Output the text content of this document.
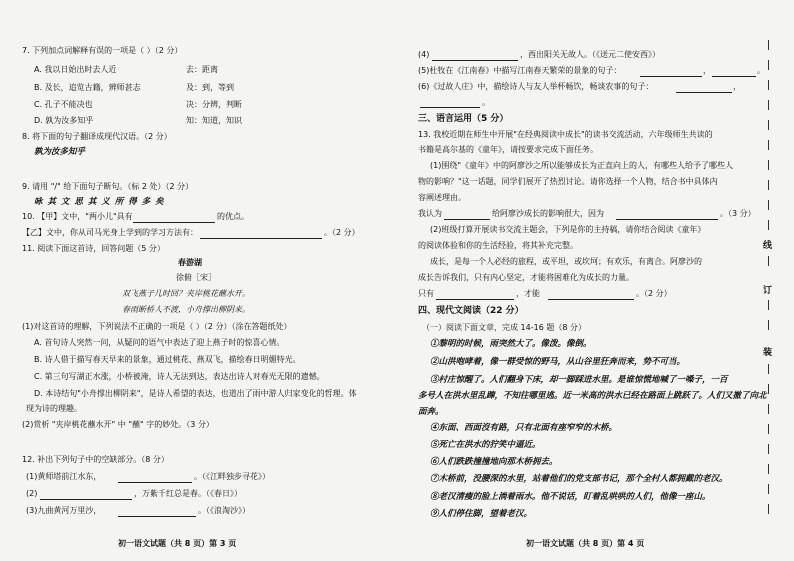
7. 下列加点词解释有误的一项是（ ）（2 分）
A. 我以日始出时去人近	去：距离
B. 及长，追览古籍，辨师甚志	及：到，等到
C. 孔子不能决也	决：分辨，判断
D. 孰为汝多知乎	知：知道，知识
8. 将下面的句子翻译成现代汉语。（2 分）
孰为汝多知乎
9. 请用 "/" 给下面句子断句。（标 2 处）（2 分）
咏 其 文 思 其 义 所 得 多 矣
10. 【甲】文中，"两小儿"具有	的优点。
【乙】文中，你从司马光身上学到的学习方法有：	。（2 分）
11. 阅读下面这首诗，回答问题（5 分）
春游湖
徐俯［宋］
双飞燕子几时回？夹岸桃花蘸水开。
春雨断桥人不渡，小舟撑出柳阴来。
(1)对这首诗的理解，下列说法不正确的一项是（ ）（2 分）（涂在答题纸处）
A. 首句诗人突然一问，从疑问的语气中表达了迎上燕子时的惊喜心情。
B. 诗人借于描写春天早来的景象，通过桃花、燕双飞，描绘春日明媚特光。
C. 第三句写湖正水涨，小桥被淹，诗人无法到达，表达出诗人对春光无限的遗憾。
D. 本诗结句"小舟撑出柳阴来"，是诗人希望的表达，也道出了雨中游人归家变化的哲理。体
现为诗的理趣。
(2)赏析 "夹岸桃花蘸水开" 中 "蘸" 字的妙处。（3 分）
12. 补出下列句子中的空缺部分。（8 分）
(1)黄师塔前江水东，	。（《江畔独步寻花》）
(2)	，万紫千红总是春。（《春日》）
(3)九曲黄河万里沙，	。（《浪淘沙》）
初一语文试题（共 8 页）第 3 页
(4)	，西出阳关无故人。（《送元二使安西》）
(5)杜牧在《江南春》中描写江南春天繁荣的景象的句子：	，	。
(6)《过故人庄》中，描绘诗人与友人举杯畅饮，畅谈农事的句子：	，
。
三、语言运用（5 分）
13. 我校近期在师生中开展"在经典阅读中成长"的读书交流活动，六年级师生共读的
书籍是高尔基的《童年》，请按要求完成下面任务。
(1)围绕"《童年》中的阿廖沙之所以能够成长为正直向上的人，有哪些人给予了哪些人
物的影响？"这一话题，同学们展开了热烈讨论。请你选择一个人物，结合书中具体内
容阐述理由。
我认为	给阿廖沙成长的影响很大，因为	。（3 分）
(2)班级打算开展读书交流主题会，下列是你的主持稿，请你结合阅读《童年》
的阅读体验和你的生活经验，将其补充完整。
成长，是每一个人必经的旅程，或平坦，或坎坷；有欢乐，有离合。阿廖沙的
成长告诉我们，只有内心坚定，才能将困难化为成长的力量。
只有	，才能	。（2 分）
四、现代文阅读（22 分）
（一）阅读下面文章，完成 14-16 题（8 分）
①黎明的时候，雨突然大了。像泼。像倒。
②山洪咆哮着，像一群受惊的野马，从山谷里狂奔而来，势不可当。
③村庄惊醒了。人们翻身下床，却一脚踩进水里。是谁惊慌地喊了一嗓子，一百
多号人在洪水里乱蹿，不知往哪里逃。近一米高的洪水已经在路面上跳跃了。人们又撤了向北
面奔。
④东面、西面沒有路，只有北面有座窄窄的木桥。
⑤死亡在洪水的狞笑中逼近。
⑥人们跌跌撞撞地向那木桥拥去。
⑦木桥前，没腰深的水里，站着他们的党支部书记，那个全村人都拥戴的老汉。
⑧老汉清瘦的脸上淌着雨水。他不说话，盯着乱哄哄的人们，他像一座山。
⑨人们停住脚，望着老汉。
初一语文试题（共 8 页）第 4 页
线
订
装
